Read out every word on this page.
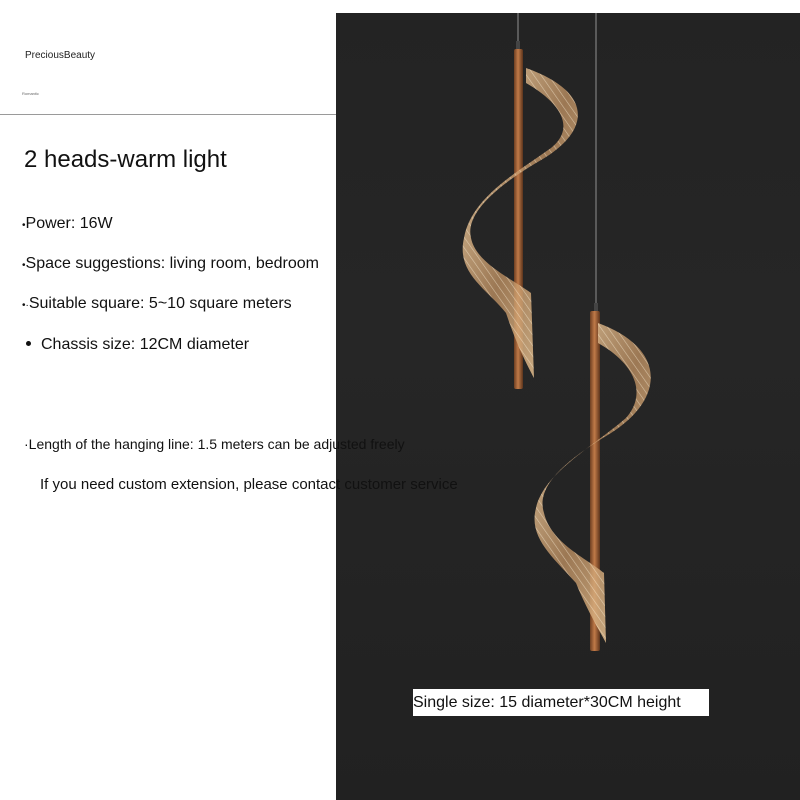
PreciousBeauty
Romantic
2 heads-warm light
•Power: 16W
•Space suggestions: living room, bedroom
•·Suitable square: 5~10 square meters
Chassis size: 12CM diameter
·Length of the hanging line: 1.5 meters can be adjusted freely
If you need custom extension, please contact customer service
Single size: 15 diameter*30CM height
